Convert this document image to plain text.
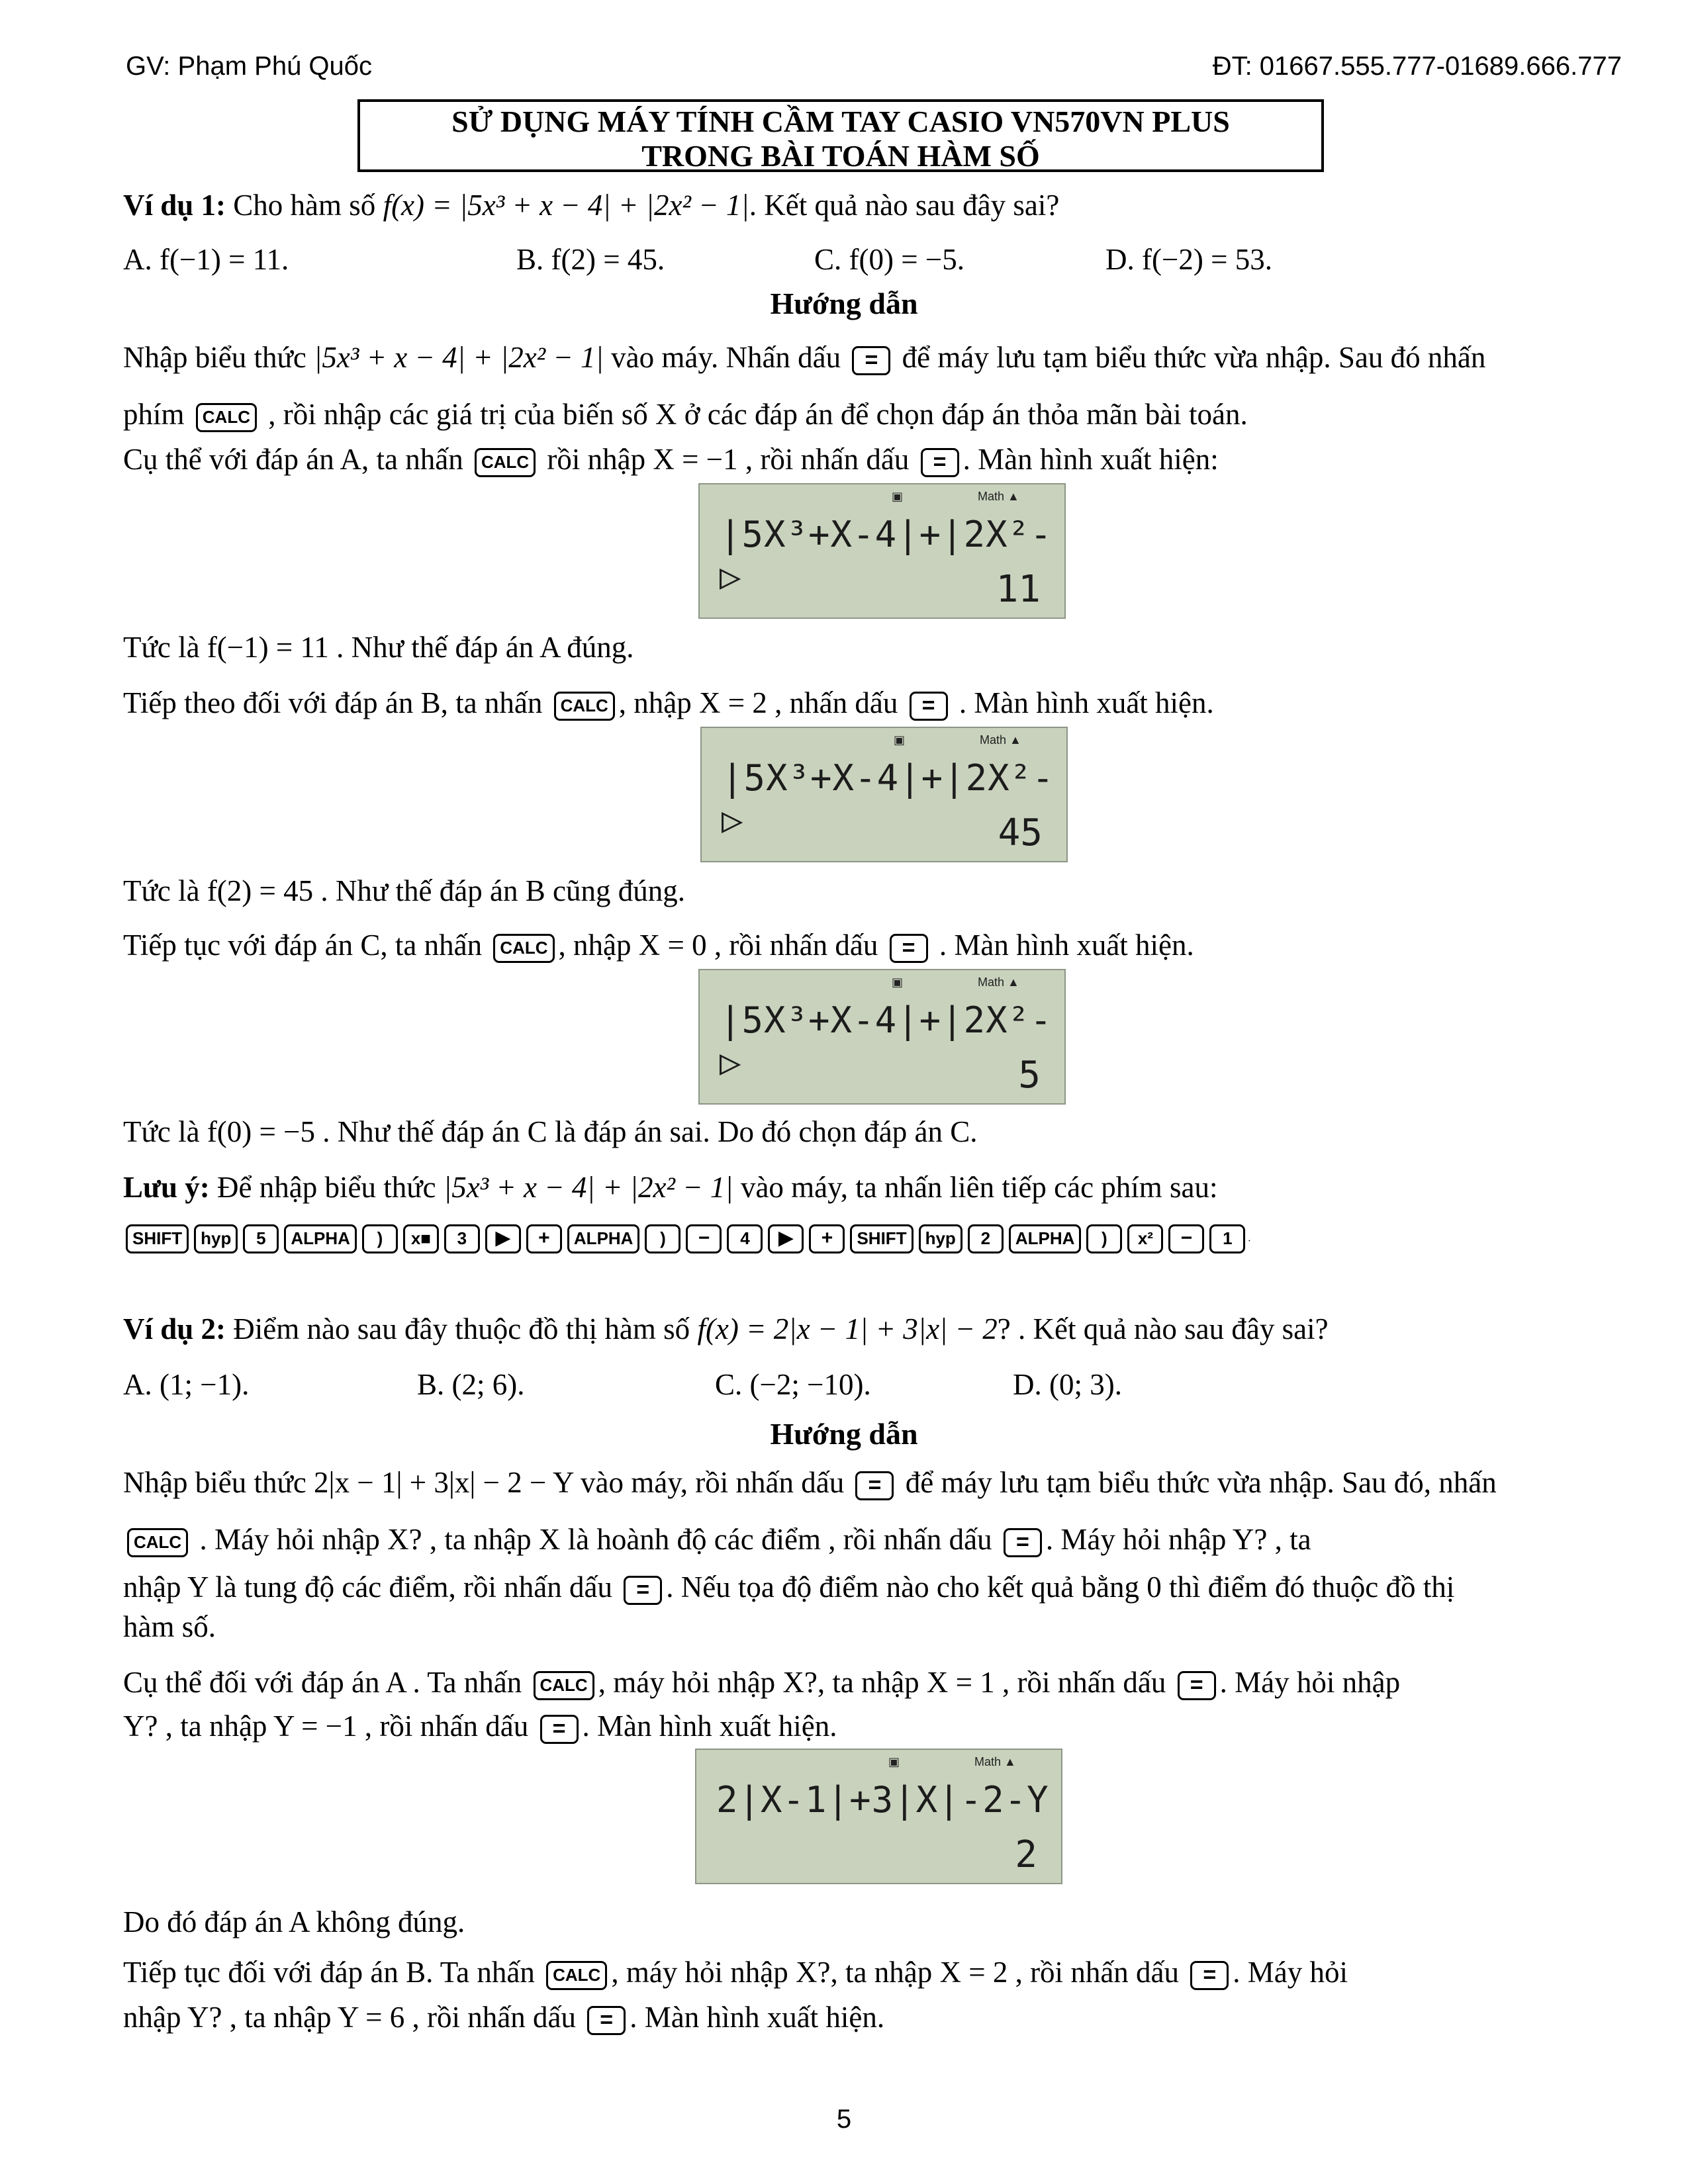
GV: Phạm Phú Quốc	ĐT: 01667.555.777-01689.666.777
SỬ DỤNG MÁY TÍNH CẦM TAY CASIO VN570VN PLUS
TRONG BÀI TOÁN HÀM SỐ
Ví dụ 1: Cho hàm số f(x) = |5x³ + x − 4| + |2x² − 1|. Kết quả nào sau đây sai?
A. f(−1) = 11.	B. f(2) = 45.	C. f(0) = −5.	D. f(−2) = 53.
Hướng dẫn
Nhập biểu thức |5x³ + x − 4| + |2x² − 1| vào máy. Nhấn dấu = để máy lưu tạm biểu thức vừa nhập. Sau đó nhấn
phím CALC , rồi nhập các giá trị của biến số X ở các đáp án để chọn đáp án thỏa mãn bài toán.
Cụ thể với đáp án A, ta nhấn CALC rồi nhập X = −1 , rồi nhấn dấu = . Màn hình xuất hiện:
▣	Math ▲
|5X³+X-4|+|2X²-▷	11
Tức là f(−1) = 11 . Như thế đáp án A đúng.
Tiếp theo đối với đáp án B, ta nhấn CALC , nhập X = 2 , nhấn dấu = . Màn hình xuất hiện.
▣	Math ▲
|5X³+X-4|+|2X²-▷	45
Tức là f(2) = 45 . Như thế đáp án B cũng đúng.
Tiếp tục với đáp án C, ta nhấn CALC , nhập X = 0 , rồi nhấn dấu = . Màn hình xuất hiện.
▣	Math ▲
|5X³+X-4|+|2X²-▷	5
Tức là f(0) = −5 . Như thế đáp án C là đáp án sai. Do đó chọn đáp án C.
Lưu ý: Để nhập biểu thức |5x³ + x − 4| + |2x² − 1| vào máy, ta nhấn liên tiếp các phím sau:
SHIFT hyp 5 ALPHA ) x■ 3 ▶ + ALPHA ) − 4 ▶ + SHIFT hyp 2 ALPHA ) x² − 1 .
Ví dụ 2: Điểm nào sau đây thuộc đồ thị hàm số f(x) = 2|x − 1| + 3|x| − 2? . Kết quả nào sau đây sai?
A. (1; −1).	B. (2; 6).	C. (−2; −10).	D. (0; 3).
Hướng dẫn
Nhập biểu thức 2|x − 1| + 3|x| − 2 − Y vào máy, rồi nhấn dấu = để máy lưu tạm biểu thức vừa nhập. Sau đó, nhấn
CALC . Máy hỏi nhập X? , ta nhập X là hoành độ các điểm , rồi nhấn dấu = . Máy hỏi nhập Y? , ta
nhập Y là tung độ các điểm, rồi nhấn dấu = . Nếu tọa độ điểm nào cho kết quả bằng 0 thì điểm đó thuộc đồ thị
hàm số.
Cụ thể đối với đáp án A . Ta nhấn CALC , máy hỏi nhập X?, ta nhập X = 1 , rồi nhấn dấu = . Máy hỏi nhập
Y? , ta nhập Y = −1 , rồi nhấn dấu = . Màn hình xuất hiện.
▣	Math ▲
2|X-1|+3|X|-2-Y
2
Do đó đáp án A không đúng.
Tiếp tục đối với đáp án B. Ta nhấn CALC , máy hỏi nhập X?, ta nhập X = 2 , rồi nhấn dấu = . Máy hỏi
nhập Y? , ta nhập Y = 6 , rồi nhấn dấu = . Màn hình xuất hiện.
5
